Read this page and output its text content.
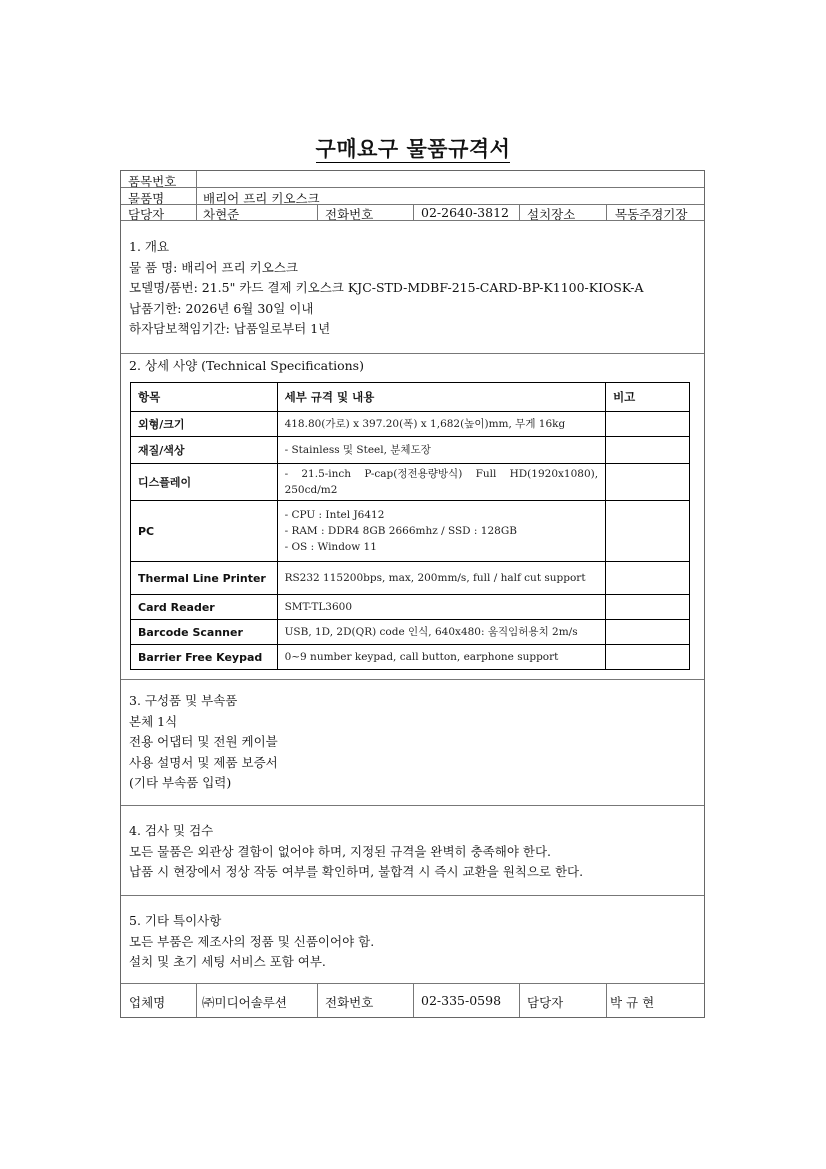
구매요구 물품규격서
품목번호
물품명	배리어 프리 키오스크
담당자	차현준	전화번호	02-2640-3812 설치장소	목동주경기장
1. 개요
물 품 명: 배리어 프리 키오스크
모델명/품번: 21.5" 카드 결제 키오스크 KJC-STD-MDBF-215-CARD-BP-K1100-KIOSK-A
납품기한: 2026년 6월 30일 이내
하자담보책임기간: 납품일로부터 1년
2. 상세 사양 (Technical Specifications)
항목	세부 규격 및 내용	비고
외형/크기	418.80(가로) x 397.20(폭) x 1,682(높이)mm, 무게 16kg	
재질/색상	- Stainless 및 Steel, 분체도장	
디스플레이	- 21.5-inch P-cap(정전용량방식) Full HD(1920x1080), 250cd/m2	
PC	- CPU : Intel J6412
- RAM : DDR4 8GB 2666mhz / SSD : 128GB
- OS : Window 11	

Thermal Line Printer	RS232 115200bps, max, 200mm/s, full / half cut support	
Card Reader	SMT-TL3600	
Barcode Scanner	USB, 1D, 2D(QR) code 인식, 640x480: 움직임허용치 2m/s	
Barrier Free Keypad	0~9 number keypad, call button, earphone support	
3. 구성품 및 부속품
본체 1식
전용 어댑터 및 전원 케이블
사용 설명서 및 제품 보증서
(기타 부속품 입력)
4. 검사 및 검수
모든 물품은 외관상 결함이 없어야 하며, 지정된 규격을 완벽히 충족해야 한다.
납품 시 현장에서 정상 작동 여부를 확인하며, 불합격 시 즉시 교환을 원칙으로 한다.
5. 기타 특이사항
모든 부품은 제조사의 정품 및 신품이어야 함.
설치 및 초기 세팅 서비스 포함 여부.
업체명	㈜미디어솔루션	전화번호	02-335-0598 담당자	박 규 현
